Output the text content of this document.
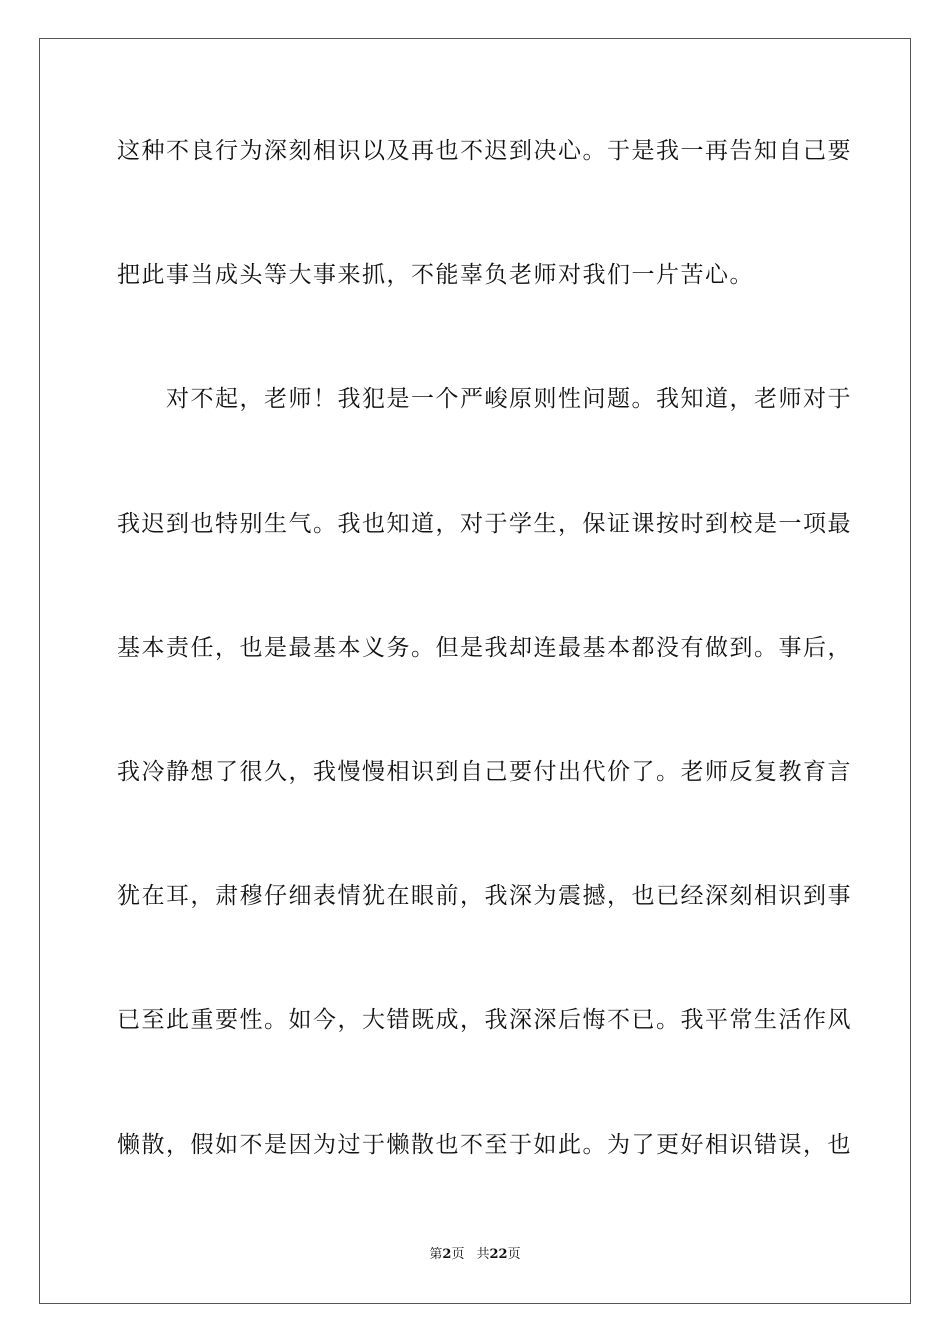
这种不良行为深刻相识以及再也不迟到决心。于是我一再告知自己要
把此事当成头等大事来抓，不能辜负老师对我们一片苦心。
　　对不起，老师！我犯是一个严峻原则性问题。我知道，老师对于
我迟到也特别生气。我也知道，对于学生，保证课按时到校是一项最
基本责任，也是最基本义务。但是我却连最基本都没有做到。事后，
我冷静想了很久，我慢慢相识到自己要付出代价了。老师反复教育言
犹在耳，肃穆仔细表情犹在眼前，我深为震撼，也已经深刻相识到事
已至此重要性。如今，大错既成，我深深后悔不已。我平常生活作风
懒散，假如不是因为过于懒散也不至于如此。为了更好相识错误，也
第2页 共22页
